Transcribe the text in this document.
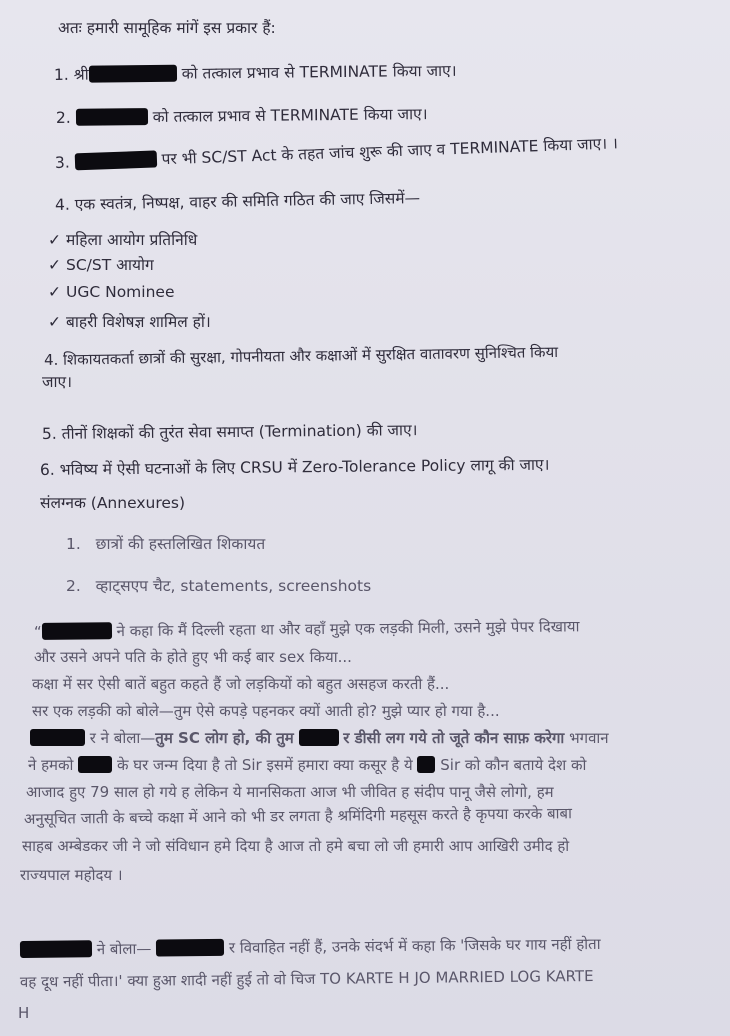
अतः हमारी सामूहिक मांगें इस प्रकार हैं:
1. श्री	को तत्काल प्रभाव से TERMINATE किया जाए।
2.	को तत्काल प्रभाव से TERMINATE किया जाए।
3.	पर भी SC/ST Act के तहत जांच शुरू की जाए व TERMINATE किया जाए। ।
4. एक स्वतंत्र, निष्पक्ष, वाहर की समिति गठित की जाए जिसमें—
✓ महिला आयोग प्रतिनिधि
✓ SC/ST आयोग
✓ UGC Nominee
✓ बाहरी विशेषज्ञ शामिल हों।
4. शिकायतकर्ता छात्रों की सुरक्षा, गोपनीयता और कक्षाओं में सुरक्षित वातावरण सुनिश्चित किया
जाए।
5. तीनों शिक्षकों की तुरंत सेवा समाप्त (Termination) की जाए।
6. भविष्य में ऐसी घटनाओं के लिए CRSU में Zero-Tolerance Policy लागू की जाए।
संलग्नक (Annexures)
1. छात्रों की हस्तलिखित शिकायत
2. व्हाट्सएप चैट, statements, screenshots
“	ने कहा कि मैं दिल्ली रहता था और वहाँ मुझे एक लड़की मिली, उसने मुझे पेपर दिखाया
और उसने अपने पति के होते हुए भी कई बार sex किया...
कक्षा में सर ऐसी बातें बहुत कहते हैं जो लड़कियों को बहुत असहज करती हैं...
सर एक लड़की को बोले—तुम ऐसे कपड़े पहनकर क्यों आती हो? मुझे प्यार हो गया है...
र ने बोला—तुम SC लोग हो, की तुम	र डीसी लग गये तो जूते कौन साफ़ करेगा भगवान
ने हमको	के घर जन्म दिया है तो Sir इसमें हमारा क्या कसूर है ये Sir को कौन बताये देश को
आजाद हुए 79 साल हो गये ह लेकिन ये मानसिकता आज भी जीवित ह संदीप पानू जैसे लोगो, हम
अनुसूचित जाती के बच्चे कक्षा में आने को भी डर लगता है श्रमिंदिगी महसूस करते है कृपया करके बाबा
साहब अम्बेडकर जी ने जो संविधान हमे दिया है आज तो हमे बचा लो जी हमारी आप आखिरी उमीद हो
राज्यपाल महोदय ।
ने बोला—	र विवाहित नहीं हैं, उनके संदर्भ में कहा कि 'जिसके घर गाय नहीं होता
वह दूध नहीं पीता।' क्या हुआ शादी नहीं हुई तो वो चिज TO KARTE H JO MARRIED LOG KARTE
H
